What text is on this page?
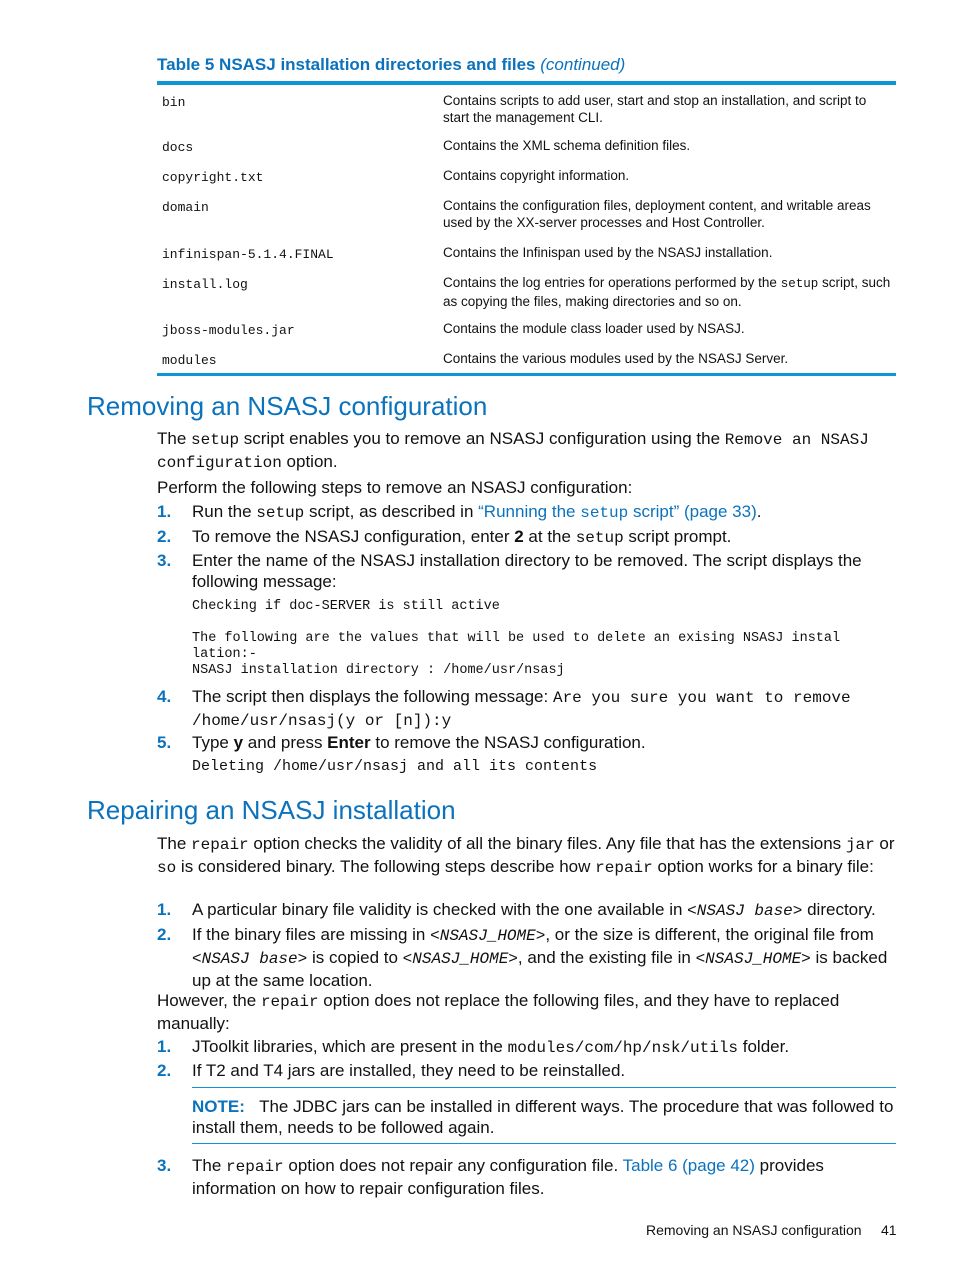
Table 5 NSASJ installation directories and files (continued)
bin	Contains scripts to add user, start and stop an installation, and script to start the management CLI.
docs	Contains the XML schema definition files.
copyright.txt	Contains copyright information.
domain	Contains the configuration files, deployment content, and writable areas used by the XX-server processes and Host Controller.
infinispan-5.1.4.FINAL	Contains the Infinispan used by the NSASJ installation.
install.log	Contains the log entries for operations performed by the setup script, such as copying the files, making directories and so on.
jboss-modules.jar	Contains the module class loader used by NSASJ.
modules	Contains the various modules used by the NSASJ Server.
Removing an NSASJ configuration
The setup script enables you to remove an NSASJ configuration using the Remove an NSASJ configuration option.
Perform the following steps to remove an NSASJ configuration:
1. Run the setup script, as described in “Running the setup script” (page 33).
2. To remove the NSASJ configuration, enter 2 at the setup script prompt.
3. Enter the name of the NSASJ installation directory to be removed. The script displays the following message:
Checking if doc-SERVER is still active

The following are the values that will be used to delete an exising NSASJ instal
lation:-
NSASJ installation directory : /home/usr/nsasj
4. The script then displays the following message: Are you sure you want to remove /home/usr/nsasj(y or [n]):y
5. Type y and press Enter to remove the NSASJ configuration.
Deleting /home/usr/nsasj and all its contents
Repairing an NSASJ installation
The repair option checks the validity of all the binary files. Any file that has the extensions jar or so is considered binary. The following steps describe how repair option works for a binary file:
1. A particular binary file validity is checked with the one available in <NSASJ base> directory.
2. If the binary files are missing in <NSASJ_HOME>, or the size is different, the original file from <NSASJ base> is copied to <NSASJ_HOME>, and the existing file in <NSASJ_HOME> is backed up at the same location.
However, the repair option does not replace the following files, and they have to replaced manually:
1. JToolkit libraries, which are present in the modules/com/hp/nsk/utils folder.
2. If T2 and T4 jars are installed, they need to be reinstalled.
NOTE: The JDBC jars can be installed in different ways. The procedure that was followed to install them, needs to be followed again.
3. The repair option does not repair any configuration file. Table 6 (page 42) provides information on how to repair configuration files.
Removing an NSASJ configuration 41
